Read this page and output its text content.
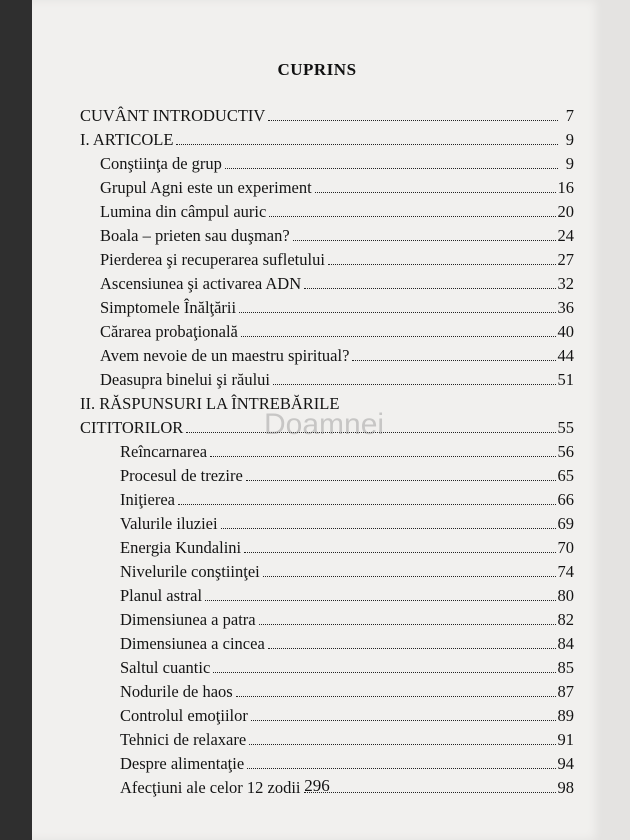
CUPRINS
CUVÂNT INTRODUCTIV	7
I. ARTICOLE	9
Conştiinţa de grup	9
Grupul Agni este un experiment	16
Lumina din câmpul auric	20
Boala – prieten sau duşman?	24
Pierderea şi recuperarea sufletului	27
Ascensiunea şi activarea ADN	32
Simptomele Înălţării	36
Cărarea probaţională	40
Avem nevoie de un maestru spiritual?	44
Deasupra binelui şi răului	51
II. RĂSPUNSURI LA ÎNTREBĂRILE
CITITORILOR	55
Reîncarnarea	56
Procesul de trezire	65
Iniţierea	66
Valurile iluziei	69
Energia Kundalini	70
Nivelurile conştiinţei	74
Planul astral	80
Dimensiunea a patra	82
Dimensiunea a cincea	84
Saltul cuantic	85
Nodurile de haos	87
Controlul emoţiilor	89
Tehnici de relaxare	91
Despre alimentaţie	94
Afecţiuni ale celor 12 zodii	98
Doamnei
296
